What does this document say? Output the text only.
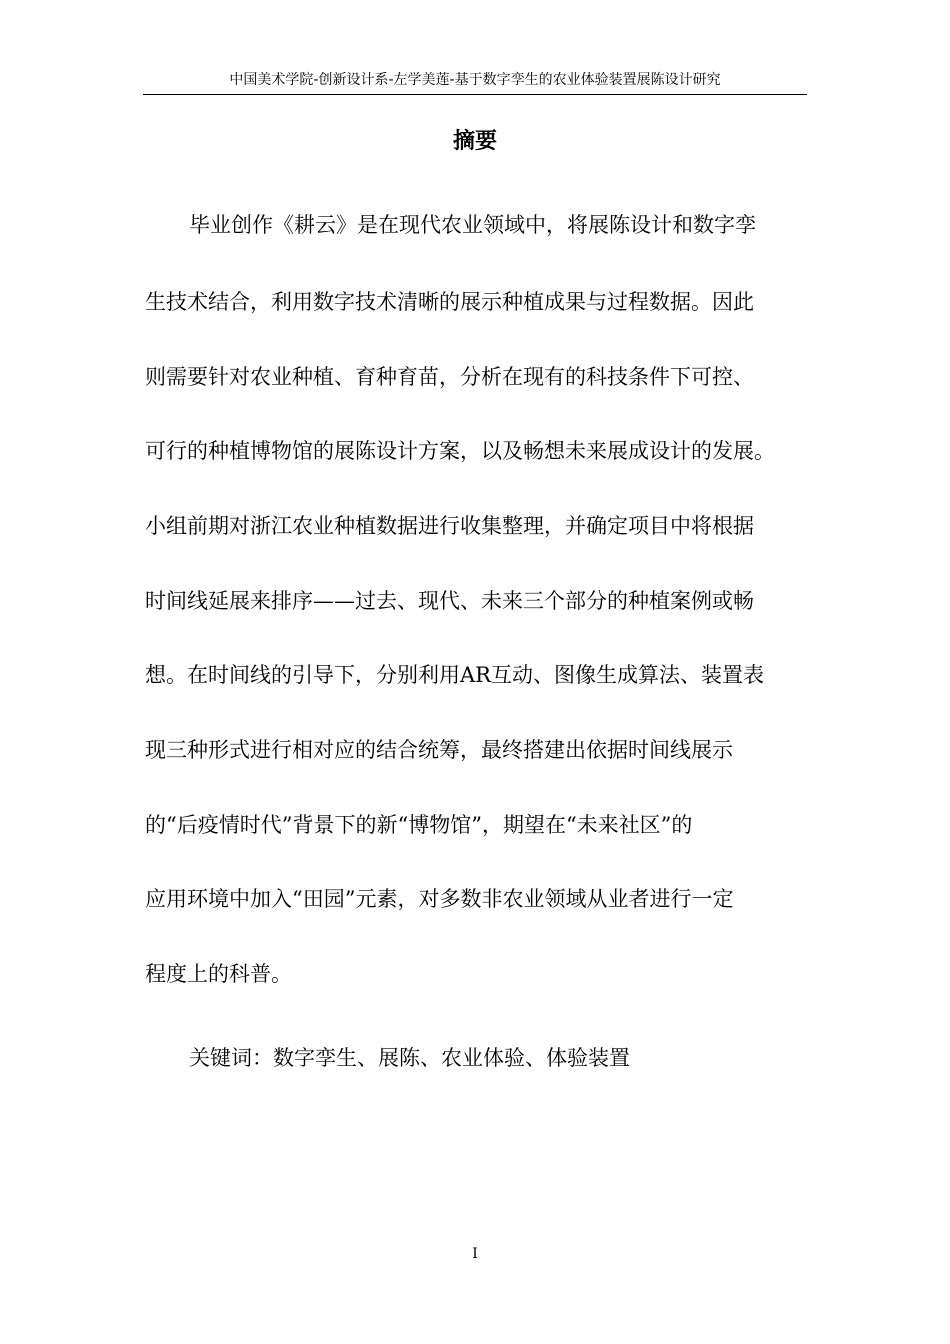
中国美术学院-创新设计系-左学美莲-基于数字孪生的农业体验装置展陈设计研究
摘要
毕业创作《耕云》是在现代农业领域中，将展陈设计和数字孪
生技术结合，利用数字技术清晰的展示种植成果与过程数据。因此
则需要针对农业种植、育种育苗，分析在现有的科技条件下可控、
可行的种植博物馆的展陈设计方案，以及畅想未来展成设计的发展。
小组前期对浙江农业种植数据进行收集整理，并确定项目中将根据
时间线延展来排序——过去、现代、未来三个部分的种植案例或畅
想。在时间线的引导下，分别利用AR互动、图像生成算法、装置表
现三种形式进行相对应的结合统筹，最终搭建出依据时间线展示
的“后疫情时代”背景下的新“博物馆”，期望在“未来社区”的
应用环境中加入“田园”元素，对多数非农业领域从业者进行一定
程度上的科普。
关键词：数字孪生、展陈、农业体验、体验装置
I
